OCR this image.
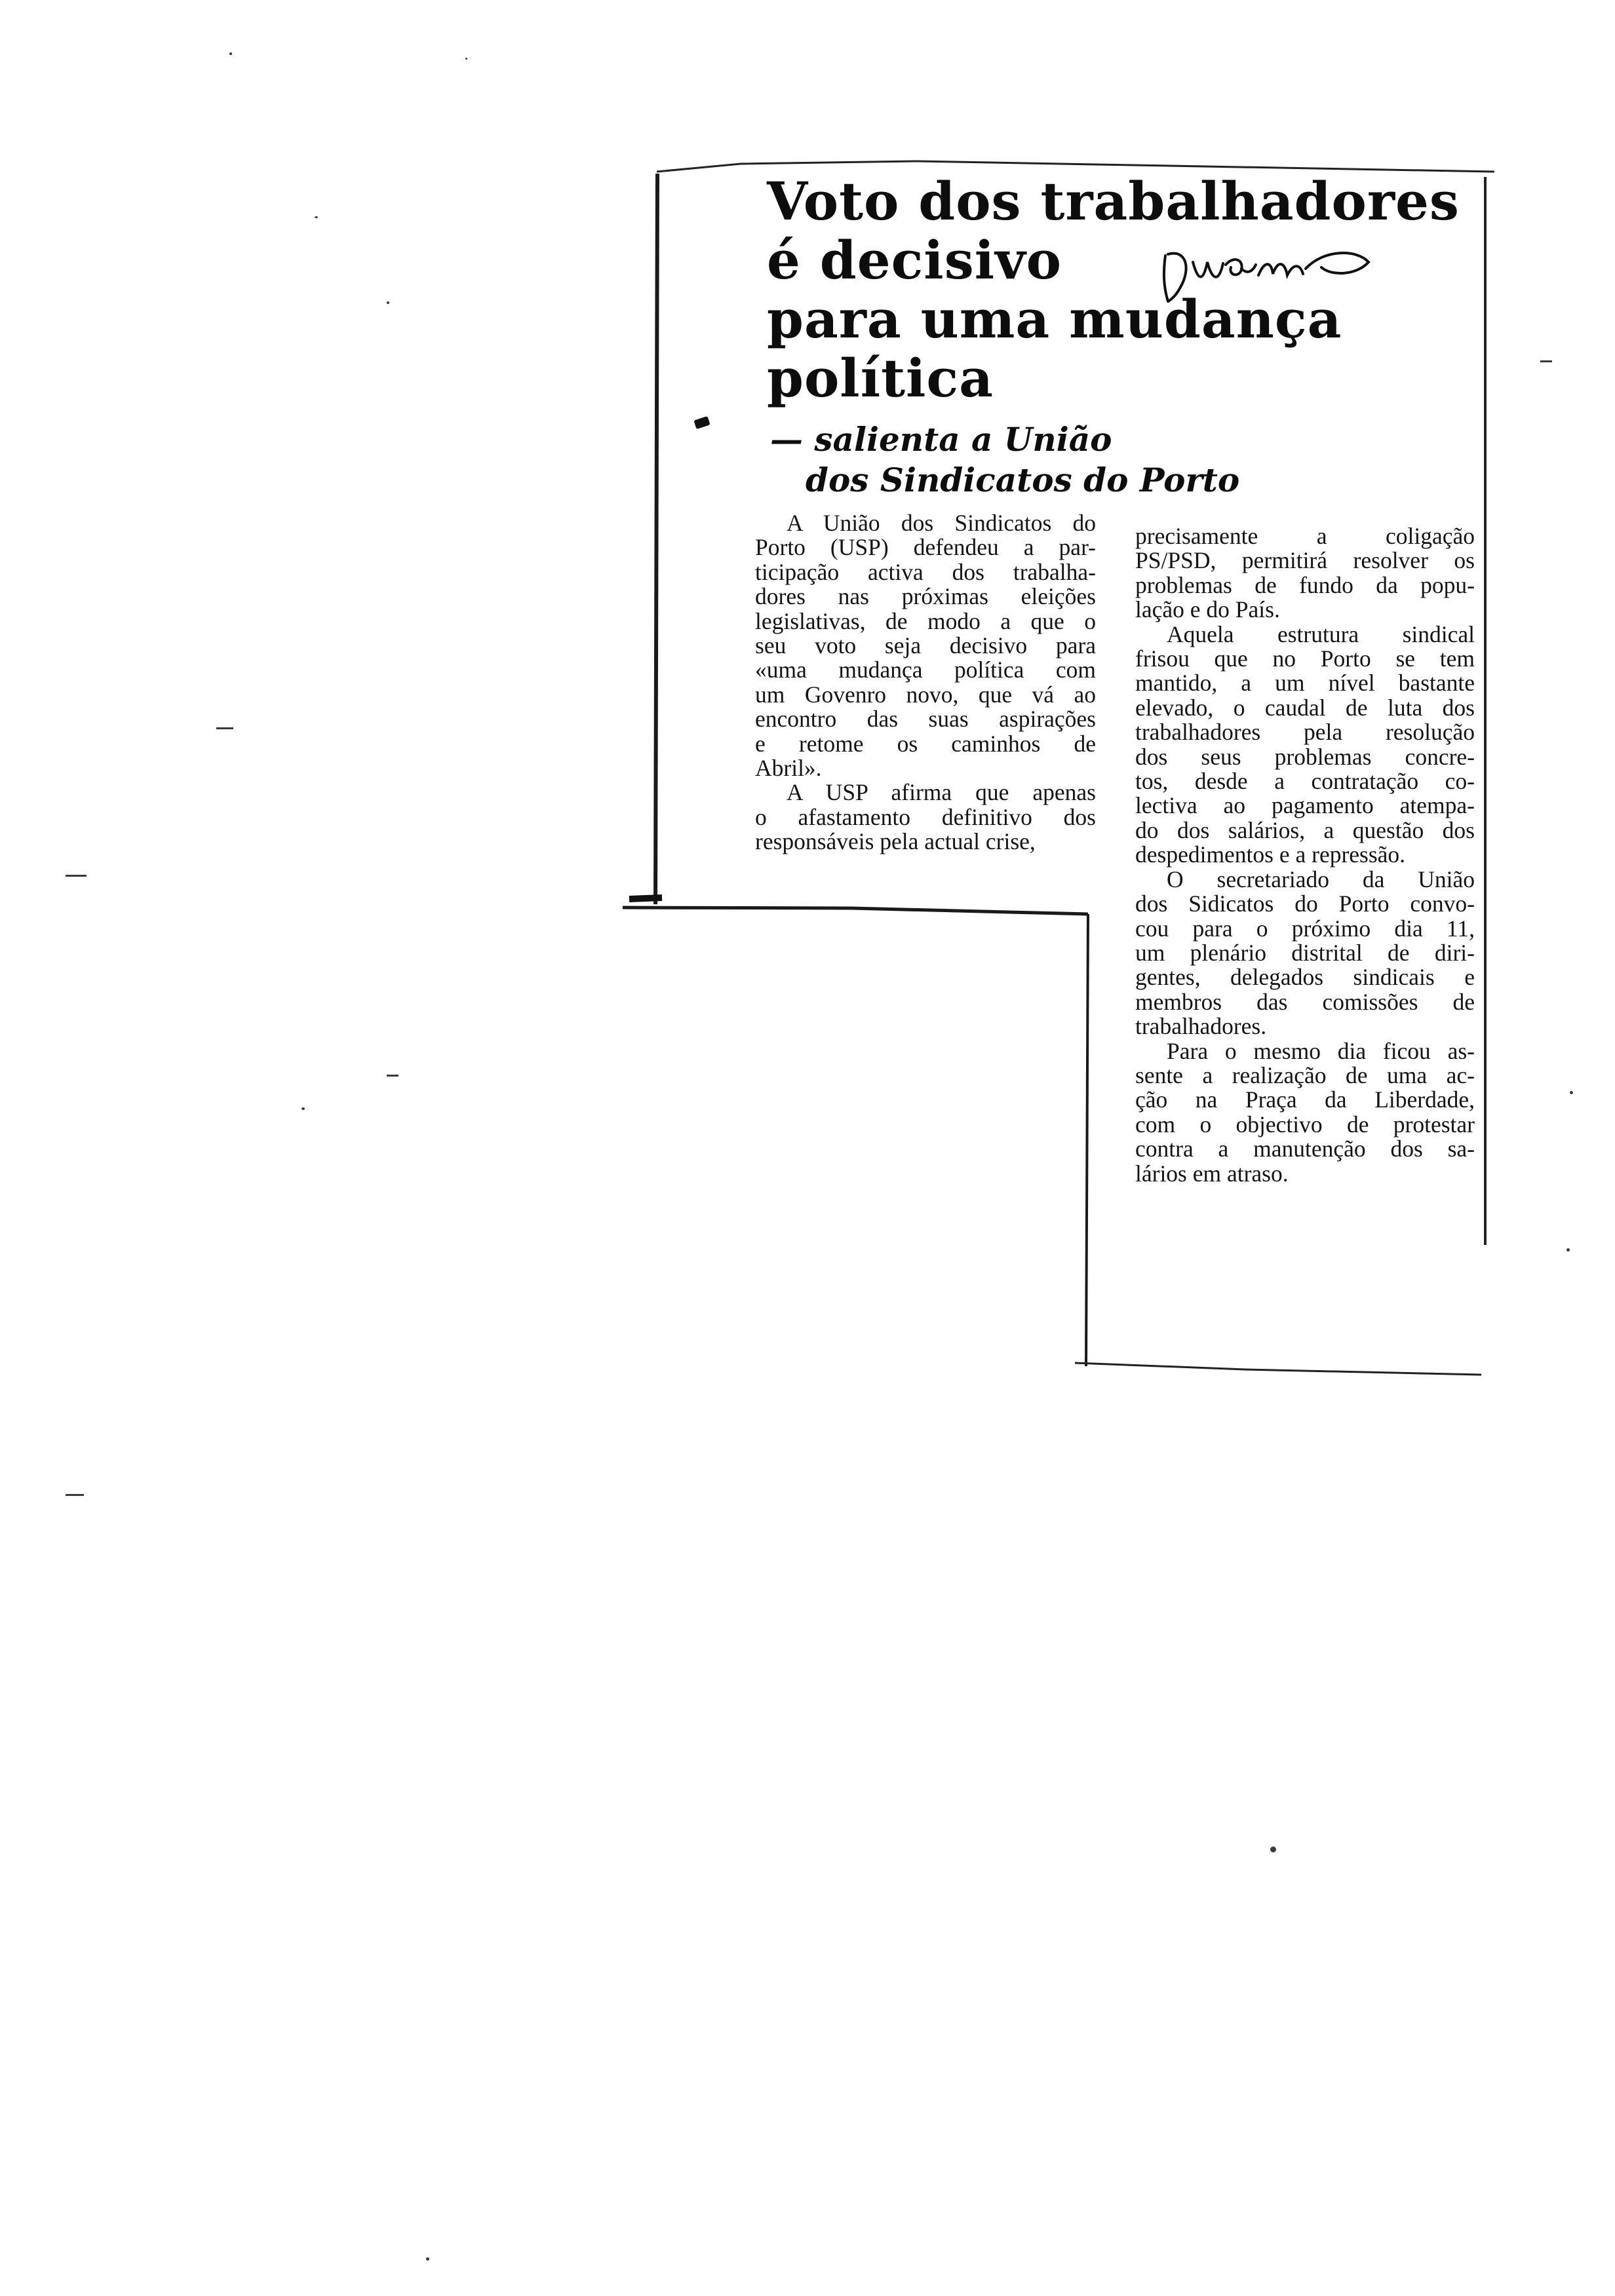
Voto dos trabalhadores
é decisivo
para uma mudança
política
— salienta a União
dos Sindicatos do Porto

A União dos Sindicatos do
Porto (USP) defendeu a par-
ticipação activa dos trabalha-
dores nas próximas eleições
legislativas, de modo a que o
seu voto seja decisivo para
«uma mudança política com
um Govenro novo, que vá ao
encontro das suas aspirações
e retome os caminhos de
Abril».

A USP afirma que apenas
o afastamento definitivo dos
responsáveis pela actual crise,

precisamente a coligação
PS/PSD, permitirá resolver os
problemas de fundo da popu-
lação e do País.

Aquela estrutura sindical
frisou que no Porto se tem
mantido, a um nível bastante
elevado, o caudal de luta dos
trabalhadores pela resolução
dos seus problemas concre-
tos, desde a contratação co-
lectiva ao pagamento atempa-
do dos salários, a questão dos
despedimentos e a repressão.

O secretariado da União
dos Sidicatos do Porto convo-
cou para o próximo dia 11,
um plenário distrital de diri-
gentes, delegados sindicais e
membros das comissões de
trabalhadores.

Para o mesmo dia ficou as-
sente a realização de uma ac-
ção na Praça da Liberdade,
com o objectivo de protestar
contra a manutenção dos sa-
lários em atraso.
